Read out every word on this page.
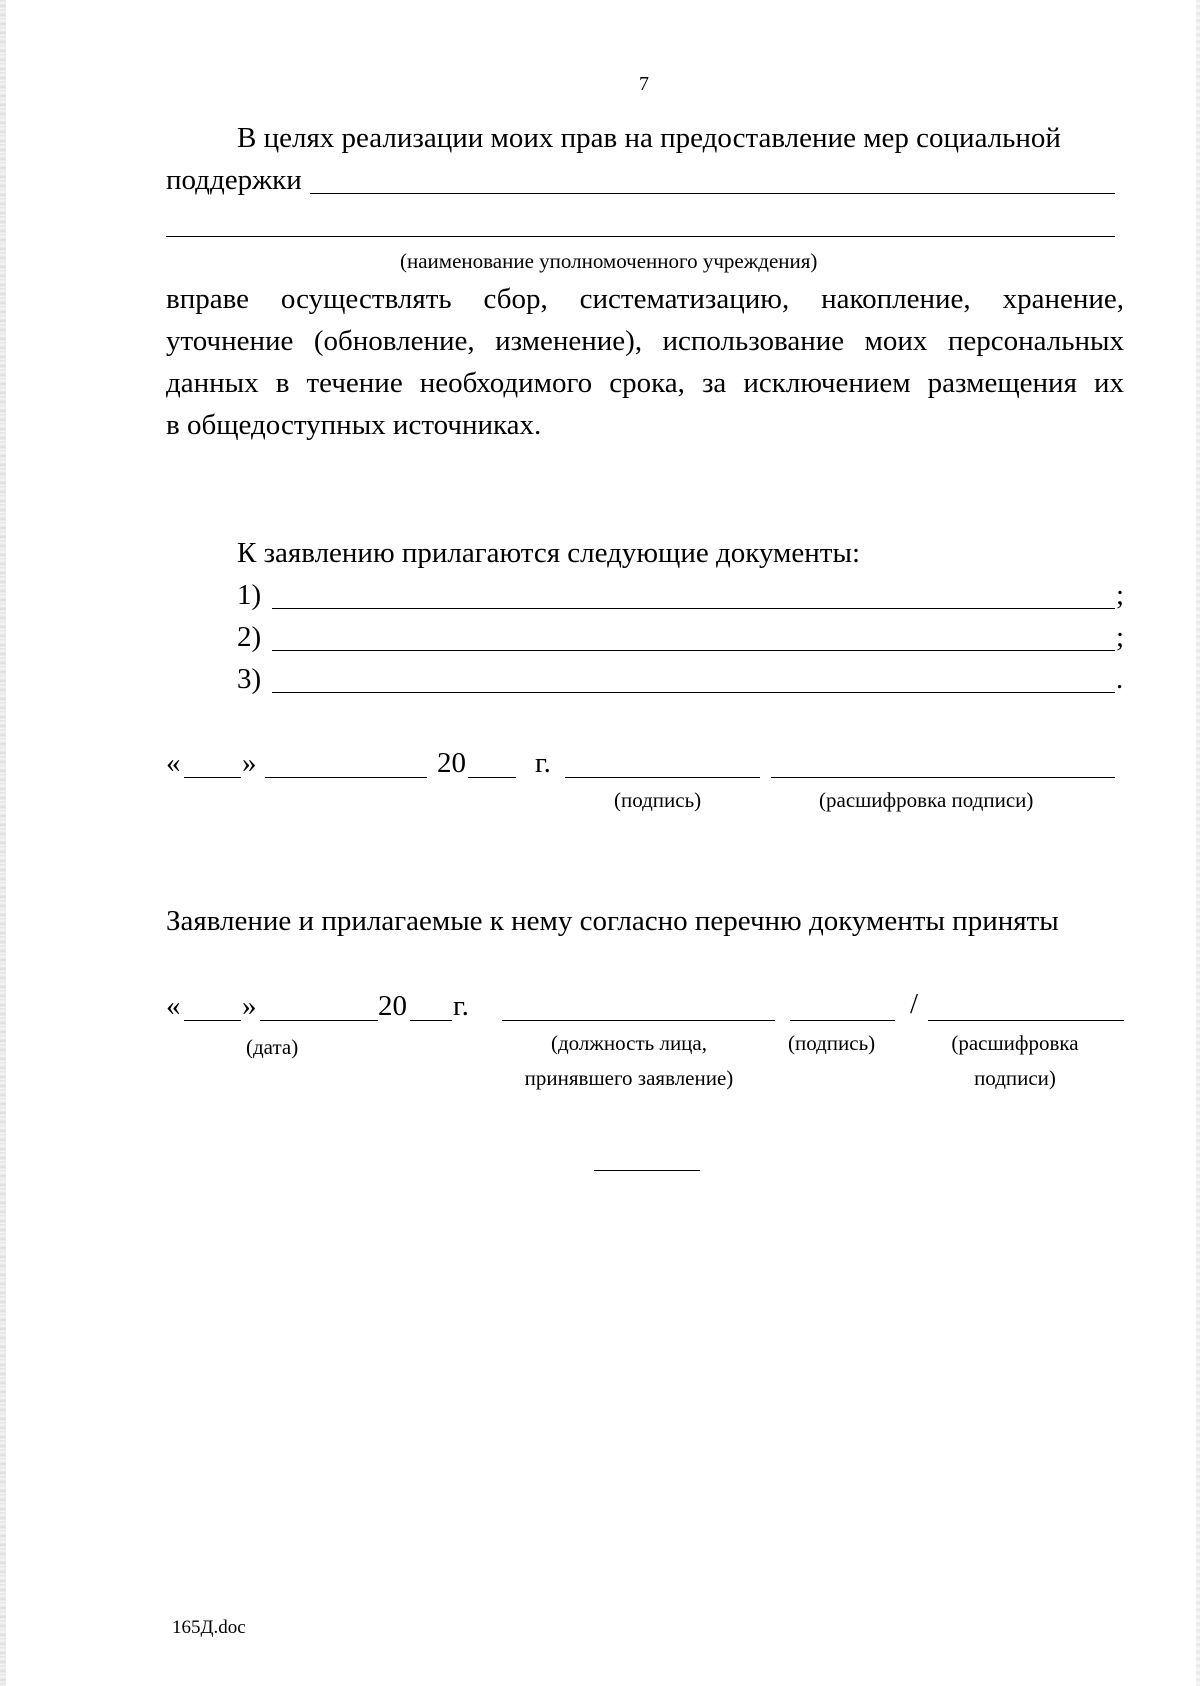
7
В целях реализации моих прав на предоставление мер социальной
поддержки
(наименование уполномоченного учреждения)
вправе осуществлять сбор, систематизацию, накопление, хранение,
уточнение (обновление, изменение), использование моих персональных
данных в течение необходимого срока, за исключением размещения их
в общедоступных источниках.
К заявлению прилагаются следующие документы:
1)	;
2)	;
3)	.
« »	20 г.
(подпись)	(расшифровка подписи)
Заявление и прилагаемые к нему согласно перечню документы приняты
« »	20 г.	/
(дата)	(должность лица,
принявшего заявление)
(подпись)	(расшифровка
подписи)
165Д.doc
